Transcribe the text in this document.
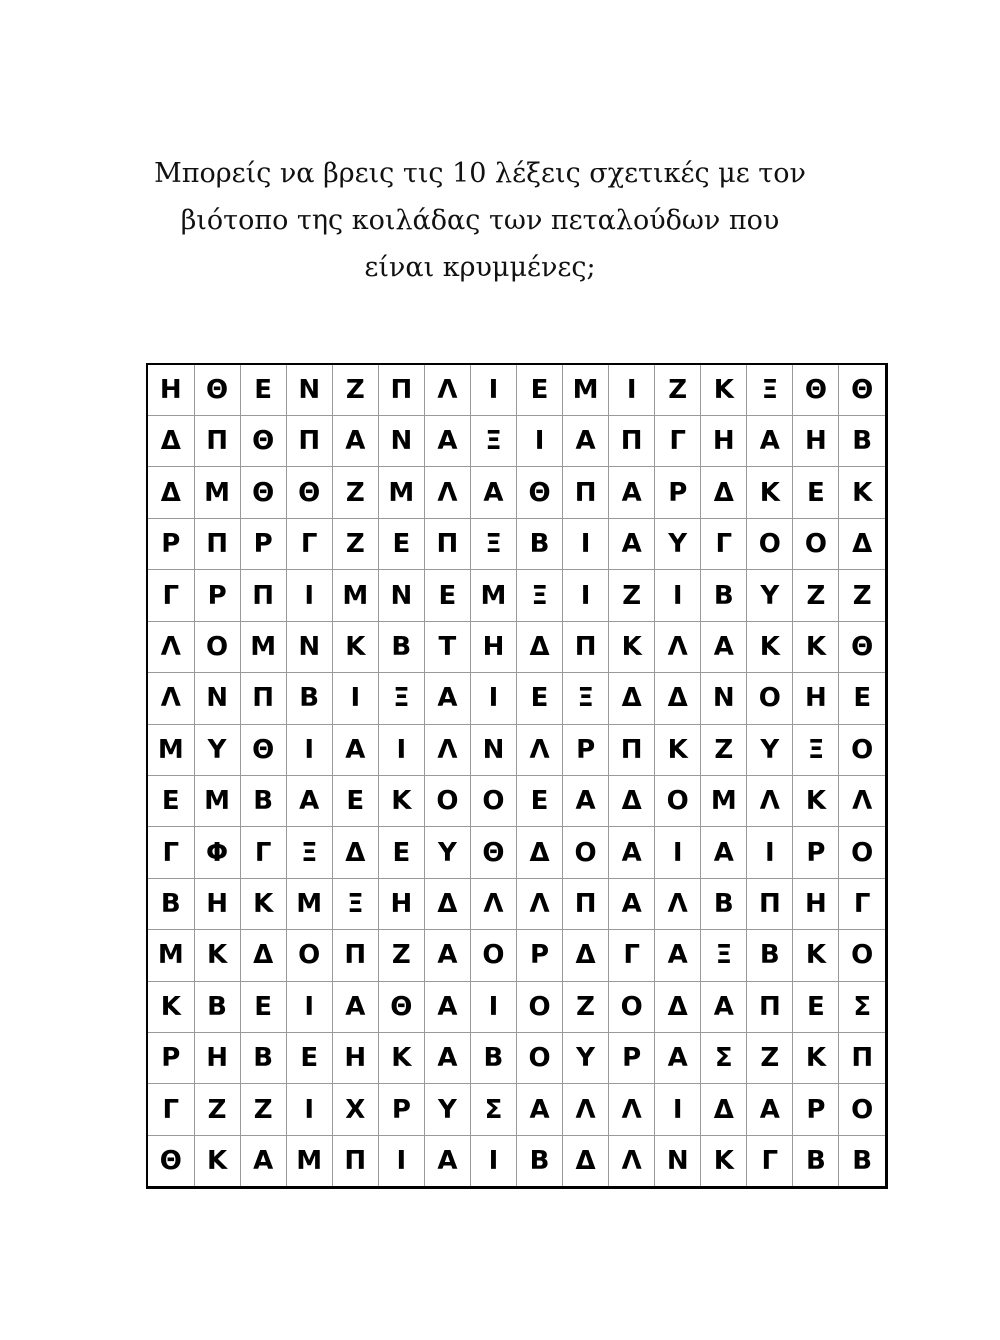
Μπορείς να βρεις τις 10 λέξεις σχετικές με τον
βιότοπο της κοιλάδας των πεταλούδων που
είναι κρυμμένες;
Η	Θ	Ε	Ν	Ζ	Π	Λ	Ι	Ε	Μ	Ι	Ζ	Κ	Ξ	Θ	Θ
Δ	Π	Θ	Π	Α	Ν	Α	Ξ	Ι	Α	Π	Γ	Η	Α	Η	Β
Δ	Μ	Θ	Θ	Ζ	Μ	Λ	Α	Θ	Π	Α	Ρ	Δ	Κ	Ε	Κ
Ρ	Π	Ρ	Γ	Ζ	Ε	Π	Ξ	Β	Ι	Α	Υ	Γ	Ο	Ο	Δ
Γ	Ρ	Π	Ι	Μ	Ν	Ε	Μ	Ξ	Ι	Ζ	Ι	Β	Υ	Ζ	Ζ
Λ	Ο	Μ	Ν	Κ	Β	Τ	Η	Δ	Π	Κ	Λ	Α	Κ	Κ	Θ
Λ	Ν	Π	Β	Ι	Ξ	Α	Ι	Ε	Ξ	Δ	Δ	Ν	Ο	Η	Ε
Μ	Υ	Θ	Ι	Α	Ι	Λ	Ν	Λ	Ρ	Π	Κ	Ζ	Υ	Ξ	Ο
Ε	Μ	Β	Α	Ε	Κ	Ο	Ο	Ε	Α	Δ	Ο	Μ	Λ	Κ	Λ
Γ	Φ	Γ	Ξ	Δ	Ε	Υ	Θ	Δ	Ο	Α	Ι	Α	Ι	Ρ	Ο
Β	Η	Κ	Μ	Ξ	Η	Δ	Λ	Λ	Π	Α	Λ	Β	Π	Η	Γ
Μ	Κ	Δ	Ο	Π	Ζ	Α	Ο	Ρ	Δ	Γ	Α	Ξ	Β	Κ	Ο
Κ	Β	Ε	Ι	Α	Θ	Α	Ι	Ο	Ζ	Ο	Δ	Α	Π	Ε	Σ
Ρ	Η	Β	Ε	Η	Κ	Α	Β	Ο	Υ	Ρ	Α	Σ	Ζ	Κ	Π
Γ	Ζ	Ζ	Ι	Χ	Ρ	Υ	Σ	Α	Λ	Λ	Ι	Δ	Α	Ρ	Ο
Θ	Κ	Α	Μ	Π	Ι	Α	Ι	Β	Δ	Λ	Ν	Κ	Γ	Β	Β
